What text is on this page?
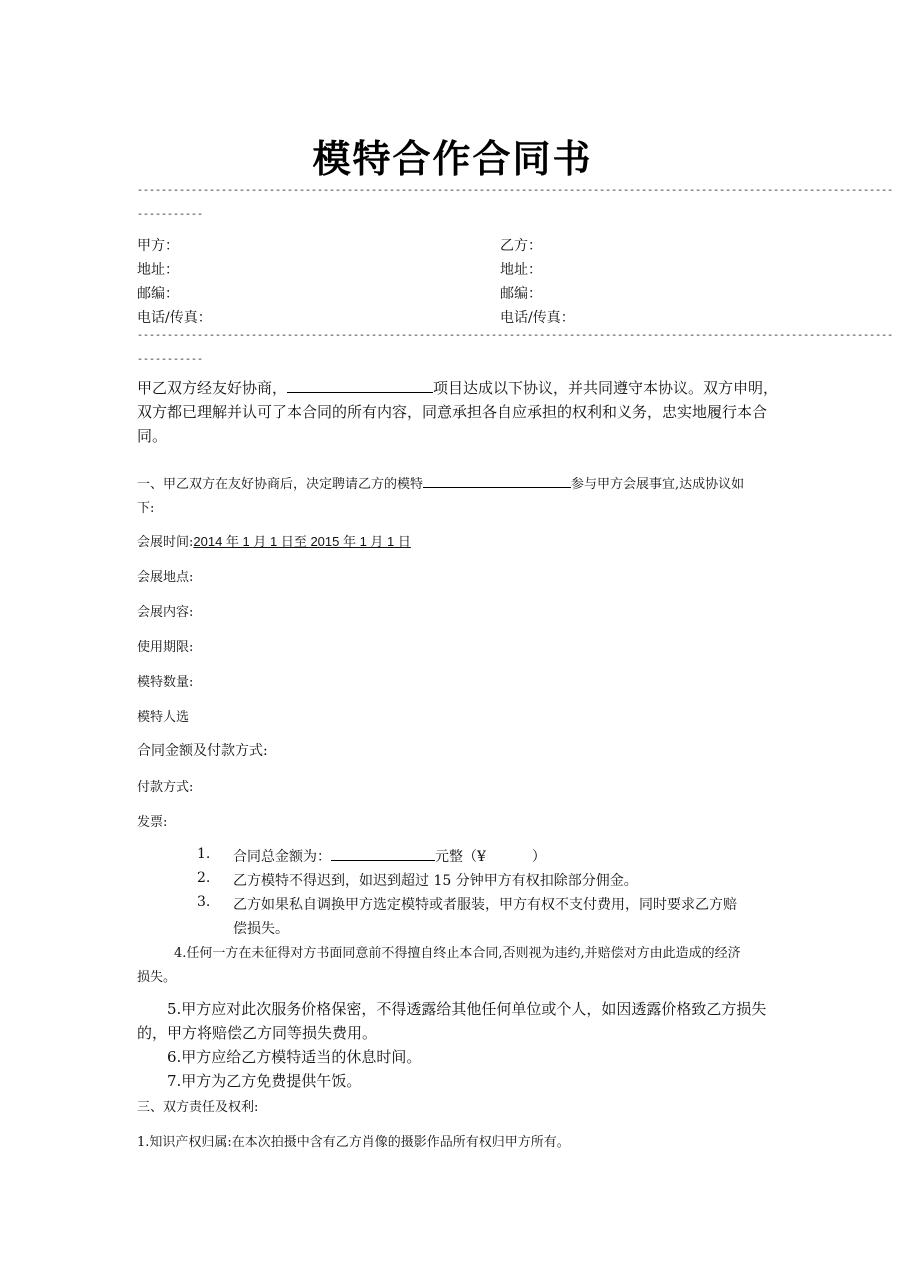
模特合作合同书
------------------------------------------------------------------------------------------------------------------------------
-----------
甲方：	乙方：
地址：	地址：
邮编：	邮编：
电话/传真：	电话/传真：
------------------------------------------------------------------------------------------------------------------------------
-----------
甲乙双方经友好协商，	项目达成以下协议，并共同遵守本协议。双方申明，
双方都已理解并认可了本合同的所有内容，同意承担各自应承担的权利和义务，忠实地履行本合
同。
一、甲乙双方在友好协商后，决定聘请乙方的模特	参与甲方会展事宜,达成协议如
下:
会展时间:2014 年 1 月 1 日至 2015 年 1 月 1 日
会展地点:
会展内容:
使用期限:
模特数量:
模特人选
合同金额及付款方式:
付款方式:
发票:
1. 合同总金额为：	元整（¥	）
2. 乙方模特不得迟到，如迟到超过 15 分钟甲方有权扣除部分佣金。
3. 乙方如果私自调换甲方选定模特或者服装，甲方有权不支付费用，同时要求乙方赔
偿损失。
4.任何一方在未征得对方书面同意前不得擅自终止本合同,否则视为违约,并赔偿对方由此造成的经济
损失。
5.甲方应对此次服务价格保密，不得透露给其他任何单位或个人，如因透露价格致乙方损失
的，甲方将赔偿乙方同等损失费用。
6.甲方应给乙方模特适当的休息时间。
7.甲方为乙方免费提供午饭。
三、双方责任及权利:
1.知识产权归属:在本次拍摄中含有乙方肖像的摄影作品所有权归甲方所有。
